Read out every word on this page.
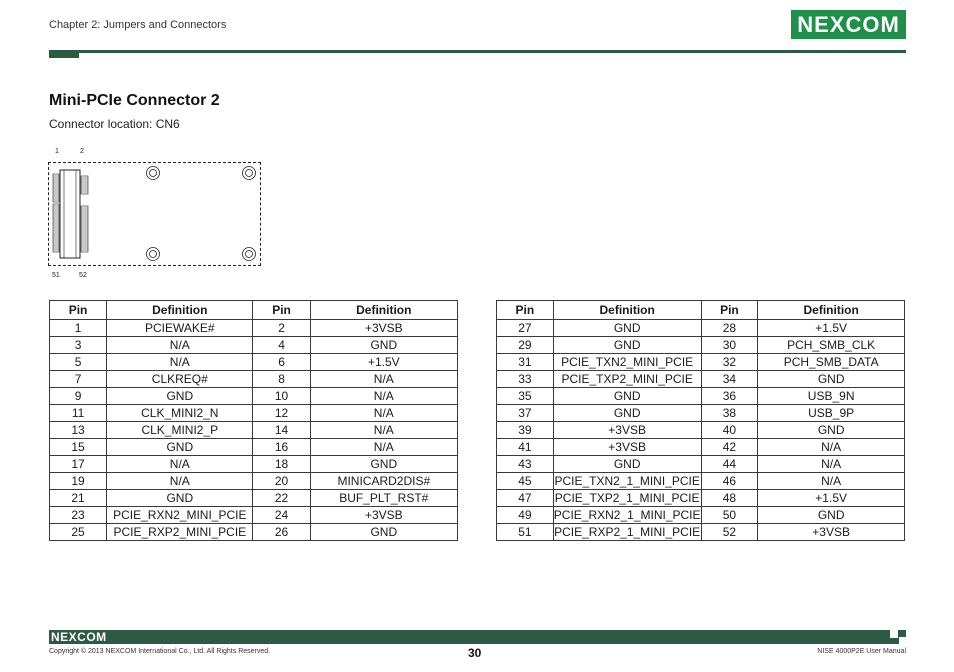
Chapter 2: Jumpers and Connectors	NEXCOM
Mini-PCIe Connector 2
Connector location: CN6
1	2
51	52
Pin	Definition	Pin	Definition
1	PCIEWAKE#	2	+3VSB
3	N/A	4	GND
5	N/A	6	+1.5V
7	CLKREQ#	8	N/A
9	GND	10	N/A
11	CLK_MINI2_N	12	N/A
13	CLK_MINI2_P	14	N/A
15	GND	16	N/A
17	N/A	18	GND
19	N/A	20	MINICARD2DIS#
21	GND	22	BUF_PLT_RST#
23	PCIE_RXN2_MINI_PCIE	24	+3VSB
25	PCIE_RXP2_MINI_PCIE	26	GND
Pin	Definition	Pin	Definition
27	GND	28	+1.5V
29	GND	30	PCH_SMB_CLK
31	PCIE_TXN2_MINI_PCIE	32	PCH_SMB_DATA
33	PCIE_TXP2_MINI_PCIE	34	GND
35	GND	36	USB_9N
37	GND	38	USB_9P
39	+3VSB	40	GND
41	+3VSB	42	N/A
43	GND	44	N/A
45	PCIE_TXN2_1_MINI_PCIE	46	N/A
47	PCIE_TXP2_1_MINI_PCIE	48	+1.5V
49	PCIE_RXN2_1_MINI_PCIE	50	GND
51	PCIE_RXP2_1_MINI_PCIE	52	+3VSB
NEXCOM
Copyright © 2013 NEXCOM International Co., Ltd. All Rights Reserved.	30	NISE 4000P2E User Manual
